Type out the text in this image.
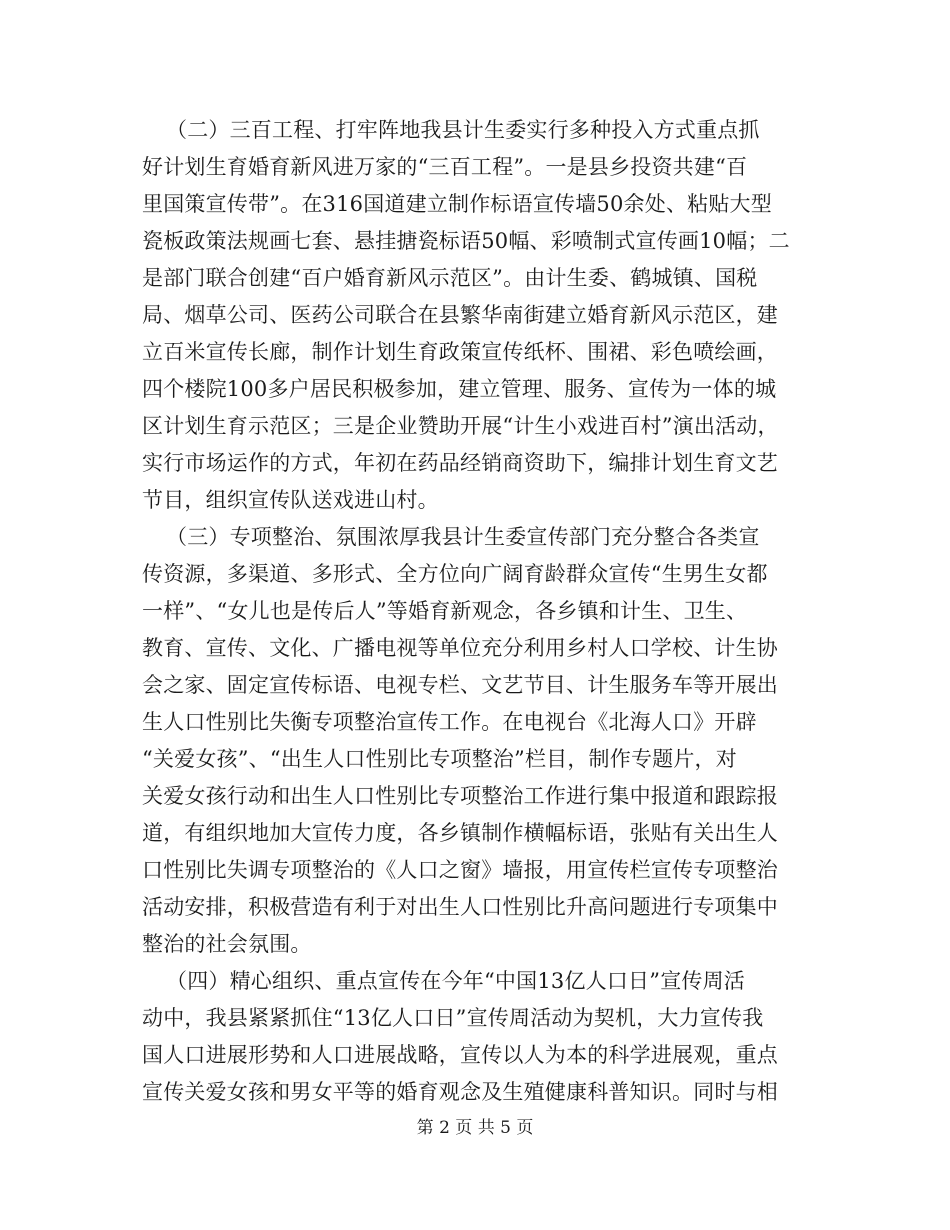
（二）三百工程、打牢阵地我县计生委实行多种投入方式重点抓
好计划生育婚育新风进万家的“三百工程”。一是县乡投资共建“百
里国策宣传带”。在316国道建立制作标语宣传墙50余处、粘贴大型
瓷板政策法规画七套、悬挂搪瓷标语50幅、彩喷制式宣传画10幅；二
是部门联合创建“百户婚育新风示范区”。由计生委、鹤城镇、国税
局、烟草公司、医药公司联合在县繁华南街建立婚育新风示范区，建
立百米宣传长廊，制作计划生育政策宣传纸杯、围裙、彩色喷绘画，
四个楼院100多户居民积极参加，建立管理、服务、宣传为一体的城
区计划生育示范区；三是企业赞助开展“计生小戏进百村”演出活动，
实行市场运作的方式，年初在药品经销商资助下，编排计划生育文艺
节目，组织宣传队送戏进山村。
（三）专项整治、氛围浓厚我县计生委宣传部门充分整合各类宣
传资源，多渠道、多形式、全方位向广阔育龄群众宣传“生男生女都
一样”、“女儿也是传后人”等婚育新观念，各乡镇和计生、卫生、
教育、宣传、文化、广播电视等单位充分利用乡村人口学校、计生协
会之家、固定宣传标语、电视专栏、文艺节目、计生服务车等开展出
生人口性别比失衡专项整治宣传工作。在电视台《北海人口》开辟
“关爱女孩”、“出生人口性别比专项整治”栏目，制作专题片，对
关爱女孩行动和出生人口性别比专项整治工作进行集中报道和跟踪报
道，有组织地加大宣传力度，各乡镇制作横幅标语，张贴有关出生人
口性别比失调专项整治的《人口之窗》墙报，用宣传栏宣传专项整治
活动安排，积极营造有利于对出生人口性别比升高问题进行专项集中
整治的社会氛围。
（四）精心组织、重点宣传在今年“中国13亿人口日”宣传周活
动中，我县紧紧抓住“13亿人口日”宣传周活动为契机，大力宣传我
国人口进展形势和人口进展战略，宣传以人为本的科学进展观，重点
宣传关爱女孩和男女平等的婚育观念及生殖健康科普知识。同时与相
第 2 页 共 5 页
